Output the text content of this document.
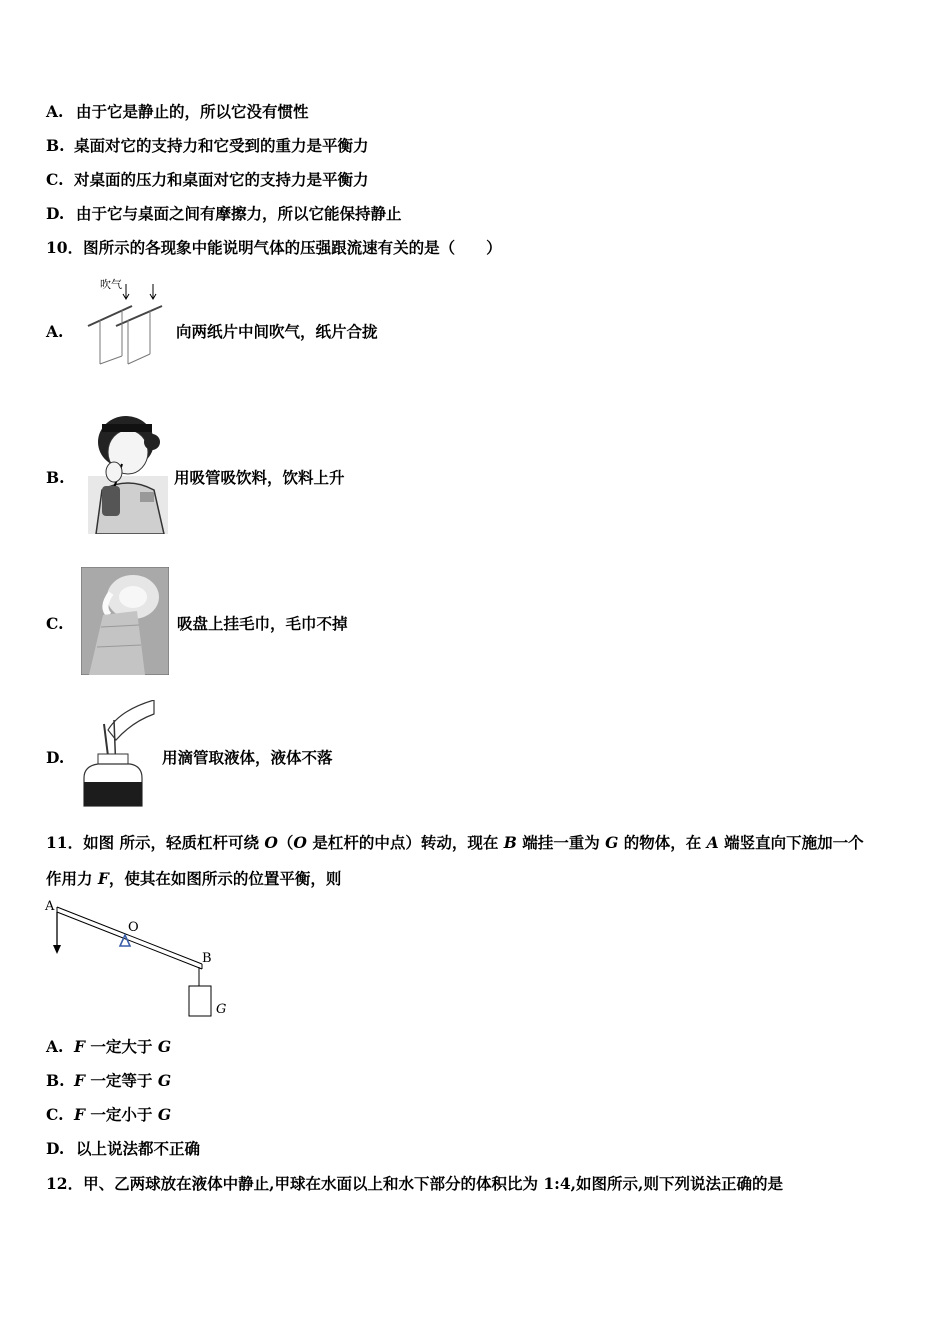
A. 由于它是静止的，所以它没有惯性
B. 桌面对它的支持力和它受到的重力是平衡力
C. 对桌面的压力和桌面对它的支持力是平衡力
D. 由于它与桌面之间有摩擦力，所以它能保持静止
10．图所示的各现象中能说明气体的压强跟流速有关的是（　　）
A.
吹气
向两纸片中间吹气，纸片合拢
B.	用吸管吸饮料，饮料上升
C.	吸盘上挂毛巾，毛巾不掉
D.	用滴管取液体，液体不落
11．如图 所示，轻质杠杆可绕 O（O 是杠杆的中点）转动，现在 B 端挂一重为 G 的物体，在 A 端竖直向下施加一个
作用力 F，使其在如图所示的位置平衡，则
A
O
B
G
A. F 一定大于 G
B. F 一定等于 G
C. F 一定小于 G
D. 以上说法都不正确
12．甲、乙两球放在液体中静止,甲球在水面以上和水下部分的体积比为 1:4,如图所示,则下列说法正确的是
